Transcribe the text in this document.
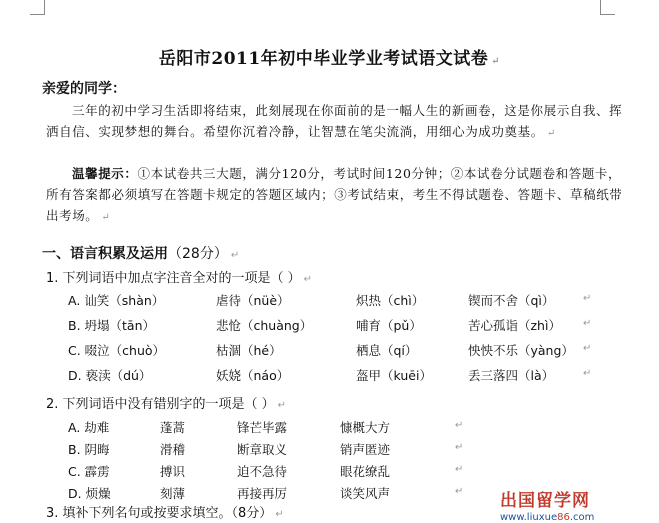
岳阳市2011年初中毕业学业考试语文试卷 ↵
亲爱的同学：
三年的初中学习生活即将结束，此刻展现在你面前的是一幅人生的新画卷，这是你展示自我、挥洒自信、实现梦想的舞台。希望你沉着冷静，让智慧在笔尖流淌，用细心为成功奠基。 ↵
温馨提示：①本试卷共三大题，满分120分，考试时间120分钟；②本试卷分试题卷和答题卡，所有答案都必须填写在答题卡规定的答题区域内；③考试结束，考生不得试题卷、答题卡、草稿纸带出考场。 ↵
一、语言积累及运用（28分） ↵
1. 下列词语中加点字注音全对的一项是（ ） ↵
A. 讪笑（shàn）	虐待（nüè）	炽热（chì）	锲而不舍（qì）	↵
B. 坍塌（tān）	悲怆（chuàng）	哺育（pǔ）	苦心孤诣（zhì） ↵
C. 啜泣（chuò）	枯涸（hé）	栖息（qí）	怏怏不乐（yàng） ↵
D. 亵渎（dú）	妖娆（náo）	盔甲（kuēi）	丢三落四（là）	↵
2. 下列词语中没有错别字的一项是（ ） ↵
A. 劫难	蓬蒿	锋芒毕露	慷概大方	↵
B. 阴晦	滑稽	断章取义	销声匿迹	↵
C. 霹雳	搏识	迫不急待	眼花缭乱	↵
D. 烦燥	刻薄	再接再厉	谈笑风声	↵
3. 填补下列名句或按要求填空。（8分） ↵
出国留学网
www.liuxue86.com
